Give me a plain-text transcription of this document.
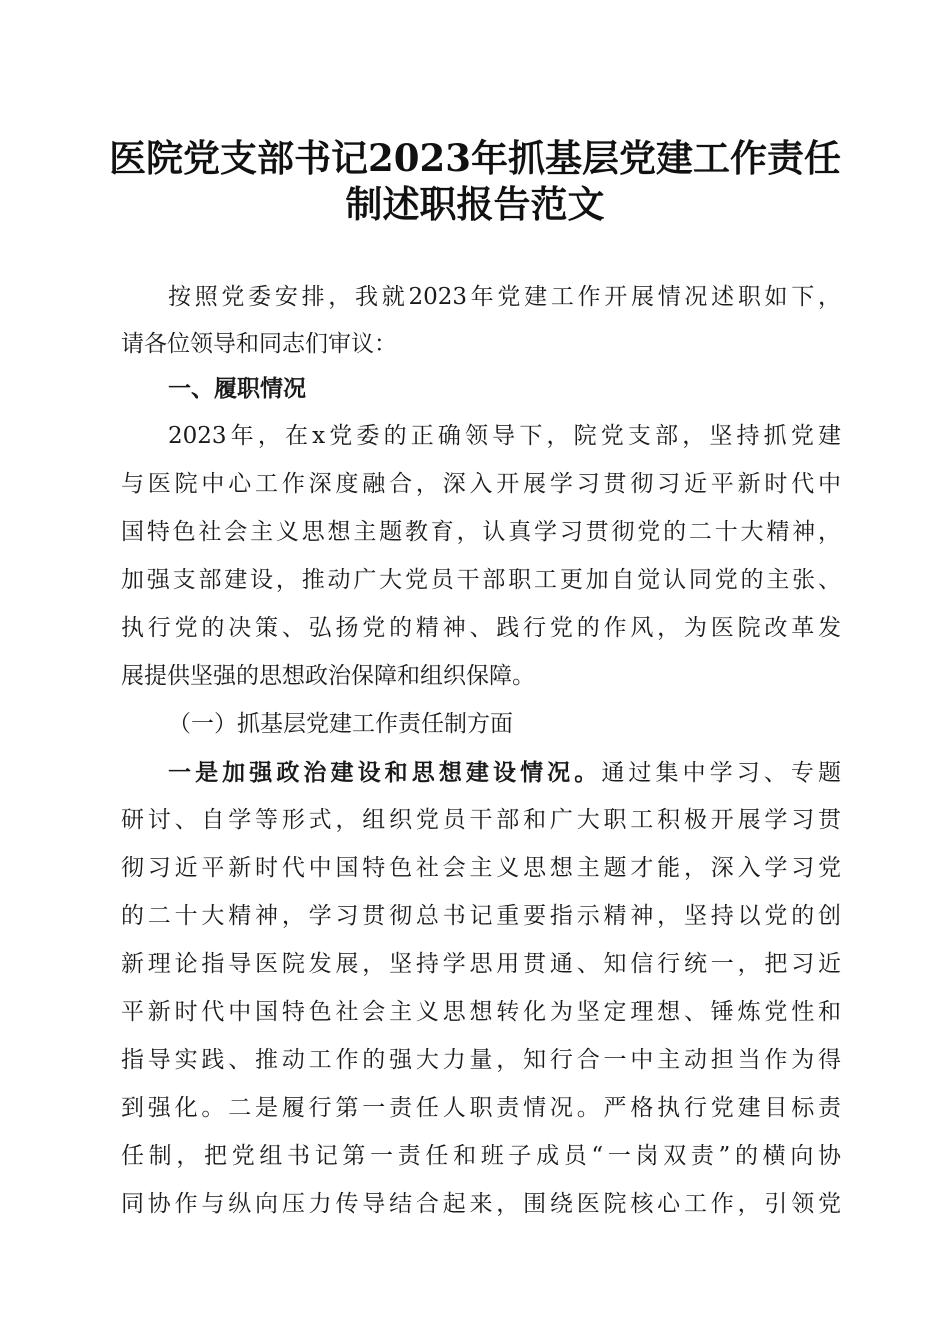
医院党支部书记2023年抓基层党建工作责任
制述职报告范文
按照党委安排，我就2023年党建工作开展情况述职如下，
请各位领导和同志们审议：
一、履职情况
2023年，在x党委的正确领导下，院党支部，坚持抓党建
与医院中心工作深度融合，深入开展学习贯彻习近平新时代中
国特色社会主义思想主题教育，认真学习贯彻党的二十大精神，
加强支部建设，推动广大党员干部职工更加自觉认同党的主张、
执行党的决策、弘扬党的精神、践行党的作风，为医院改革发
展提供坚强的思想政治保障和组织保障。
（一）抓基层党建工作责任制方面
一是加强政治建设和思想建设情况。通过集中学习、专题
研讨、自学等形式，组织党员干部和广大职工积极开展学习贯
彻习近平新时代中国特色社会主义思想主题才能，深入学习党
的二十大精神，学习贯彻总书记重要指示精神，坚持以党的创
新理论指导医院发展，坚持学思用贯通、知信行统一，把习近
平新时代中国特色社会主义思想转化为坚定理想、锤炼党性和
指导实践、推动工作的强大力量，知行合一中主动担当作为得
到强化。二是履行第一责任人职责情况。严格执行党建目标责
任制，把党组书记第一责任和班子成员“一岗双责”的横向协
同协作与纵向压力传导结合起来，围绕医院核心工作，引领党
